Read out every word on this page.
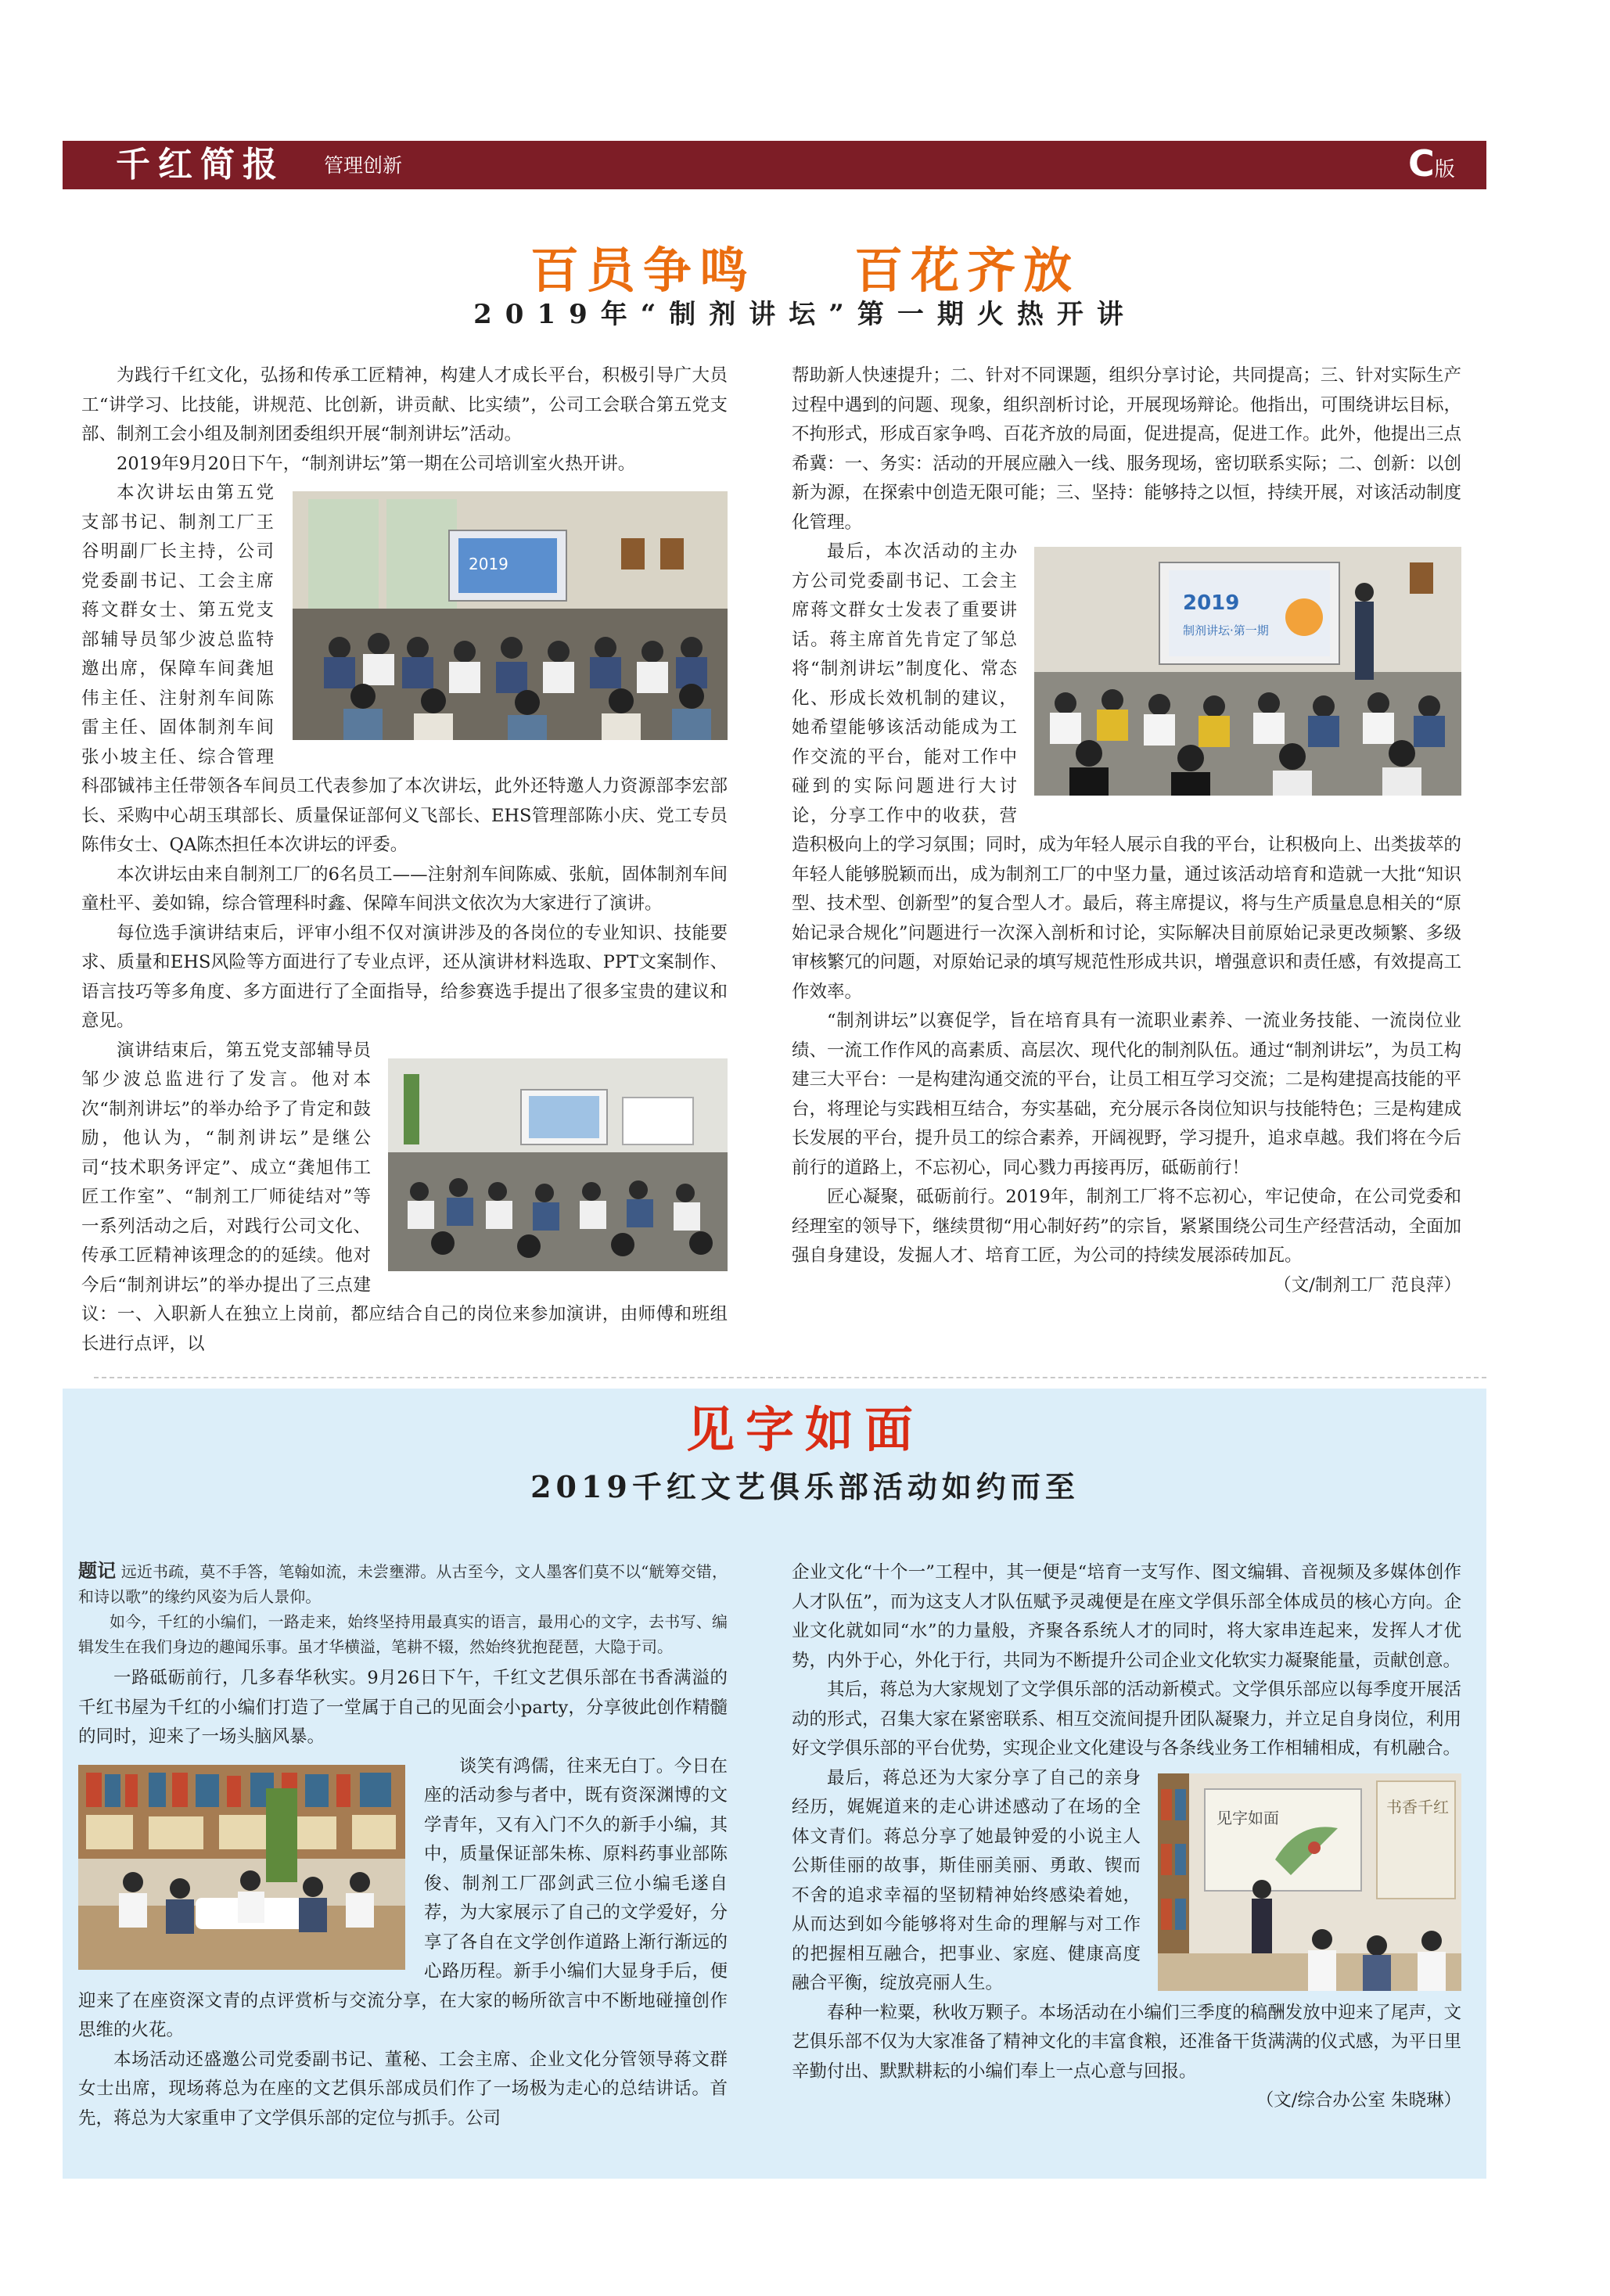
千红简报 管理创新	C版
百员争鸣    百花齐放
2019年“制剂讲坛”第一期火热开讲

为践行千红文化，弘扬和传承工匠精神，构建人才成长平台，积极引导广大员工“讲学习、比技能，讲规范、比创新，讲贡献、比实绩”，公司工会联合第五党支部、制剂工会小组及制剂团委组织开展“制剂讲坛”活动。

2019年9月20日下午，“制剂讲坛”第一期在公司培训室火热开讲。

2019

本次讲坛由第五党支部书记、制剂工厂王谷明副厂长主持，公司党委副书记、工会主席蒋文群女士、第五党支部辅导员邹少波总监特邀出席，保障车间龚旭伟主任、注射剂车间陈雷主任、固体制剂车间张小坡主任、综合管理科邵铖祎主任带领各车间员工代表参加了本次讲坛，此外还特邀人力资源部李宏部长、采购中心胡玉琪部长、质量保证部何义飞部长、EHS管理部陈小庆、党工专员陈伟女士、QA陈杰担任本次讲坛的评委。

本次讲坛由来自制剂工厂的6名员工——注射剂车间陈威、张航，固体制剂车间童杜平、姜如锦，综合管理科时鑫、保障车间洪文依次为大家进行了演讲。

每位选手演讲结束后，评审小组不仅对演讲涉及的各岗位的专业知识、技能要求、质量和EHS风险等方面进行了专业点评，还从演讲材料选取、PPT文案制作、语言技巧等多角度、多方面进行了全面指导，给参赛选手提出了很多宝贵的建议和意见。

演讲结束后，第五党支部辅导员邹少波总监进行了发言。他对本次“制剂讲坛”的举办给予了肯定和鼓励，他认为，“制剂讲坛”是继公司“技术职务评定”、成立“龚旭伟工匠工作室”、“制剂工厂师徒结对”等一系列活动之后，对践行公司文化、传承工匠精神该理念的的延续。他对今后“制剂讲坛”的举办提出了三点建议：一、入职新人在独立上岗前，都应结合自己的岗位来参加演讲，由师傅和班组长进行点评，以

帮助新人快速提升；二、针对不同课题，组织分享讨论，共同提高；三、针对实际生产过程中遇到的问题、现象，组织剖析讨论，开展现场辩论。他指出，可围绕讲坛目标，不拘形式，形成百家争鸣、百花齐放的局面，促进提高，促进工作。此外，他提出三点希冀：一、务实：活动的开展应融入一线、服务现场，密切联系实际；二、创新：以创新为源，在探索中创造无限可能；三、坚持：能够持之以恒，持续开展，对该活动制度化管理。

2019
制剂讲坛·第一期

最后，本次活动的主办方公司党委副书记、工会主席蒋文群女士发表了重要讲话。蒋主席首先肯定了邹总将“制剂讲坛”制度化、常态化、形成长效机制的建议，她希望能够该活动能成为工作交流的平台，能对工作中碰到的实际问题进行大讨论，分享工作中的收获，营造积极向上的学习氛围；同时，成为年轻人展示自我的平台，让积极向上、出类拔萃的年轻人能够脱颖而出，成为制剂工厂的中坚力量，通过该活动培育和造就一大批“知识型、技术型、创新型”的复合型人才。最后，蒋主席提议，将与生产质量息息相关的“原始记录合规化”问题进行一次深入剖析和讨论，实际解决目前原始记录更改频繁、多级审核繁冗的问题，对原始记录的填写规范性形成共识，增强意识和责任感，有效提高工作效率。

“制剂讲坛”以赛促学，旨在培育具有一流职业素养、一流业务技能、一流岗位业绩、一流工作作风的高素质、高层次、现代化的制剂队伍。通过“制剂讲坛”，为员工构建三大平台：一是构建沟通交流的平台，让员工相互学习交流；二是构建提高技能的平台，将理论与实践相互结合，夯实基础，充分展示各岗位知识与技能特色；三是构建成长发展的平台，提升员工的综合素养，开阔视野，学习提升，追求卓越。我们将在今后前行的道路上，不忘初心，同心戮力再接再厉，砥砺前行！

匠心凝聚，砥砺前行。2019年，制剂工厂将不忘初心，牢记使命，在公司党委和经理室的领导下，继续贯彻“用心制好药”的宗旨，紧紧围绕公司生产经营活动，全面加强自身建设，发掘人才、培育工匠，为公司的持续发展添砖加瓦。

（文/制剂工厂 范良萍）

见字如面
2019千红文艺俱乐部活动如约而至

题记 远近书疏，莫不手答，笔翰如流，未尝壅滞。从古至今，文人墨客们莫不以“觥筹交错，和诗以歌”的缘约风姿为后人景仰。

如今，千红的小编们，一路走来，始终坚持用最真实的语言，最用心的文字，去书写、编辑发生在我们身边的趣闻乐事。虽才华横溢，笔耕不辍，然始终犹抱琵琶，大隐于司。

一路砥砺前行，几多春华秋实。9月26日下午，千红文艺俱乐部在书香满溢的千红书屋为千红的小编们打造了一堂属于自己的见面会小party，分享彼此创作精髓的同时，迎来了一场头脑风暴。

谈笑有鸿儒，往来无白丁。今日在座的活动参与者中，既有资深渊博的文学青年，又有入门不久的新手小编，其中，质量保证部朱栋、原料药事业部陈俊、制剂工厂邵剑武三位小编毛遂自荐，为大家展示了自己的文学爱好，分享了各自在文学创作道路上渐行渐远的心路历程。新手小编们大显身手后，便迎来了在座资深文青的点评赏析与交流分享，在大家的畅所欲言中不断地碰撞创作思维的火花。

本场活动还盛邀公司党委副书记、董秘、工会主席、企业文化分管领导蒋文群女士出席，现场蒋总为在座的文艺俱乐部成员们作了一场极为走心的总结讲话。首先，蒋总为大家重申了文学俱乐部的定位与抓手。公司

企业文化“十个一”工程中，其一便是“培育一支写作、图文编辑、音视频及多媒体创作人才队伍”，而为这支人才队伍赋予灵魂便是在座文学俱乐部全体成员的核心方向。企业文化就如同“水”的力量般，齐聚各系统人才的同时，将大家串连起来，发挥人才优势，内外于心，外化于行，共同为不断提升公司企业文化软实力凝聚能量，贡献创意。

其后，蒋总为大家规划了文学俱乐部的活动新模式。文学俱乐部应以每季度开展活动的形式，召集大家在紧密联系、相互交流间提升团队凝聚力，并立足自身岗位，利用好文学俱乐部的平台优势，实现企业文化建设与各条线业务工作相辅相成，有机融合。

见字如面
书香千红

最后，蒋总还为大家分享了自己的亲身经历，娓娓道来的走心讲述感动了在场的全体文青们。蒋总分享了她最钟爱的小说主人公斯佳丽的故事，斯佳丽美丽、勇敢、锲而不舍的追求幸福的坚韧精神始终感染着她，从而达到如今能够将对生命的理解与对工作的把握相互融合，把事业、家庭、健康高度融合平衡，绽放亮丽人生。

春种一粒粟，秋收万颗子。本场活动在小编们三季度的稿酬发放中迎来了尾声，文艺俱乐部不仅为大家准备了精神文化的丰富食粮，还准备干货满满的仪式感，为平日里辛勤付出、默默耕耘的小编们奉上一点心意与回报。

（文/综合办公室 朱晓琳）
